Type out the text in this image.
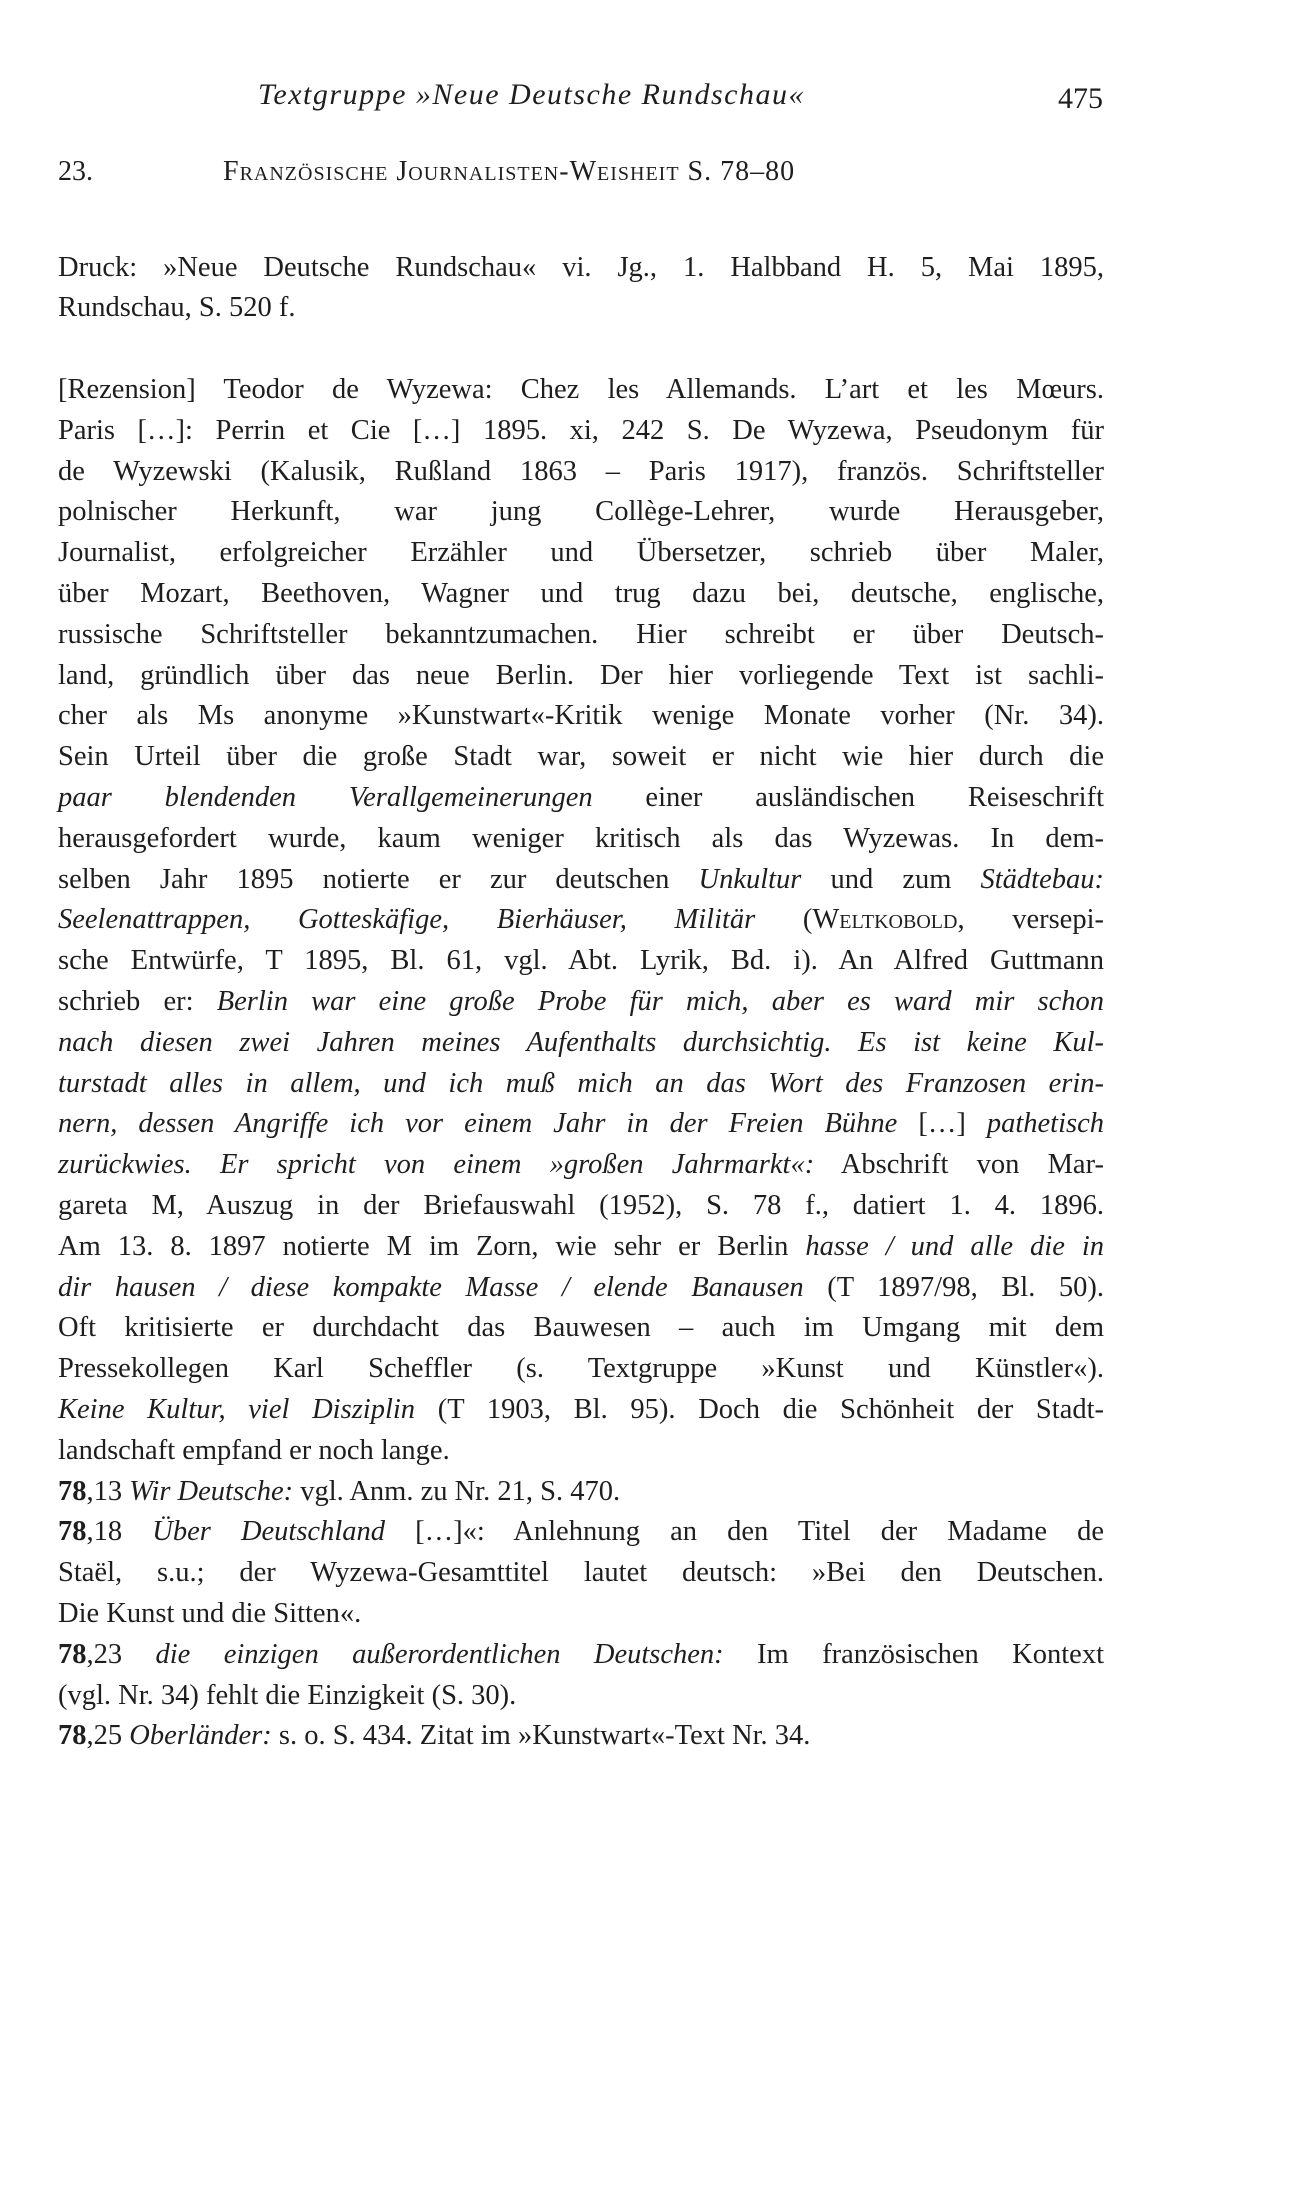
Textgruppe »Neue Deutsche Rundschau«	475
23.	Französische Journalisten-Weisheit S. 78–80
Druck: »Neue Deutsche Rundschau« vi. Jg., 1. Halbband H. 5, Mai 1895,
Rundschau, S. 520 f.
[Rezension] Teodor de Wyzewa: Chez les Allemands. L’art et les Mœurs.
Paris […]: Perrin et Cie […] 1895. xi, 242 S. De Wyzewa, Pseudonym für
de Wyzewski (Kalusik, Rußland 1863 – Paris 1917), französ. Schriftsteller
polnischer Herkunft, war jung Collège-Lehrer, wurde Herausgeber,
Journalist, erfolgreicher Erzähler und Übersetzer, schrieb über Maler,
über Mozart, Beethoven, Wagner und trug dazu bei, deutsche, englische,
russische Schriftsteller bekanntzumachen. Hier schreibt er über Deutsch-
land, gründlich über das neue Berlin. Der hier vorliegende Text ist sachli-
cher als Ms anonyme »Kunstwart«-Kritik wenige Monate vorher (Nr. 34).
Sein Urteil über die große Stadt war, soweit er nicht wie hier durch die
paar blendenden Verallgemeinerungen einer ausländischen Reiseschrift
herausgefordert wurde, kaum weniger kritisch als das Wyzewas. In dem-
selben Jahr 1895 notierte er zur deutschen Unkultur und zum Städtebau:
Seelenattrappen, Gotteskäfige, Bierhäuser, Militär (Weltkobold, versepi-
sche Entwürfe, T 1895, Bl. 61, vgl. Abt. Lyrik, Bd. i). An Alfred Guttmann
schrieb er: Berlin war eine große Probe für mich, aber es ward mir schon
nach diesen zwei Jahren meines Aufenthalts durchsichtig. Es ist keine Kul-
turstadt alles in allem, und ich muß mich an das Wort des Franzosen erin-
nern, dessen Angriffe ich vor einem Jahr in der Freien Bühne […] pathetisch
zurückwies. Er spricht von einem »großen Jahrmarkt«: Abschrift von Mar-
gareta M, Auszug in der Briefauswahl (1952), S. 78 f., datiert 1. 4. 1896.
Am 13. 8. 1897 notierte M im Zorn, wie sehr er Berlin hasse / und alle die in
dir hausen / diese kompakte Masse / elende Banausen (T 1897/98, Bl. 50).
Oft kritisierte er durchdacht das Bauwesen – auch im Umgang mit dem
Pressekollegen Karl Scheffler (s. Textgruppe »Kunst und Künstler«).
Keine Kultur, viel Disziplin (T 1903, Bl. 95). Doch die Schönheit der Stadt-
landschaft empfand er noch lange.
78,13 Wir Deutsche: vgl. Anm. zu Nr. 21, S. 470.
78,18 Über Deutschland […]«: Anlehnung an den Titel der Madame de
Staël, s.u.; der Wyzewa-Gesamttitel lautet deutsch: »Bei den Deutschen.
Die Kunst und die Sitten«.
78,23 die einzigen außerordentlichen Deutschen: Im französischen Kontext
(vgl. Nr. 34) fehlt die Einzigkeit (S. 30).
78,25 Oberländer: s. o. S. 434. Zitat im »Kunstwart«-Text Nr. 34.
